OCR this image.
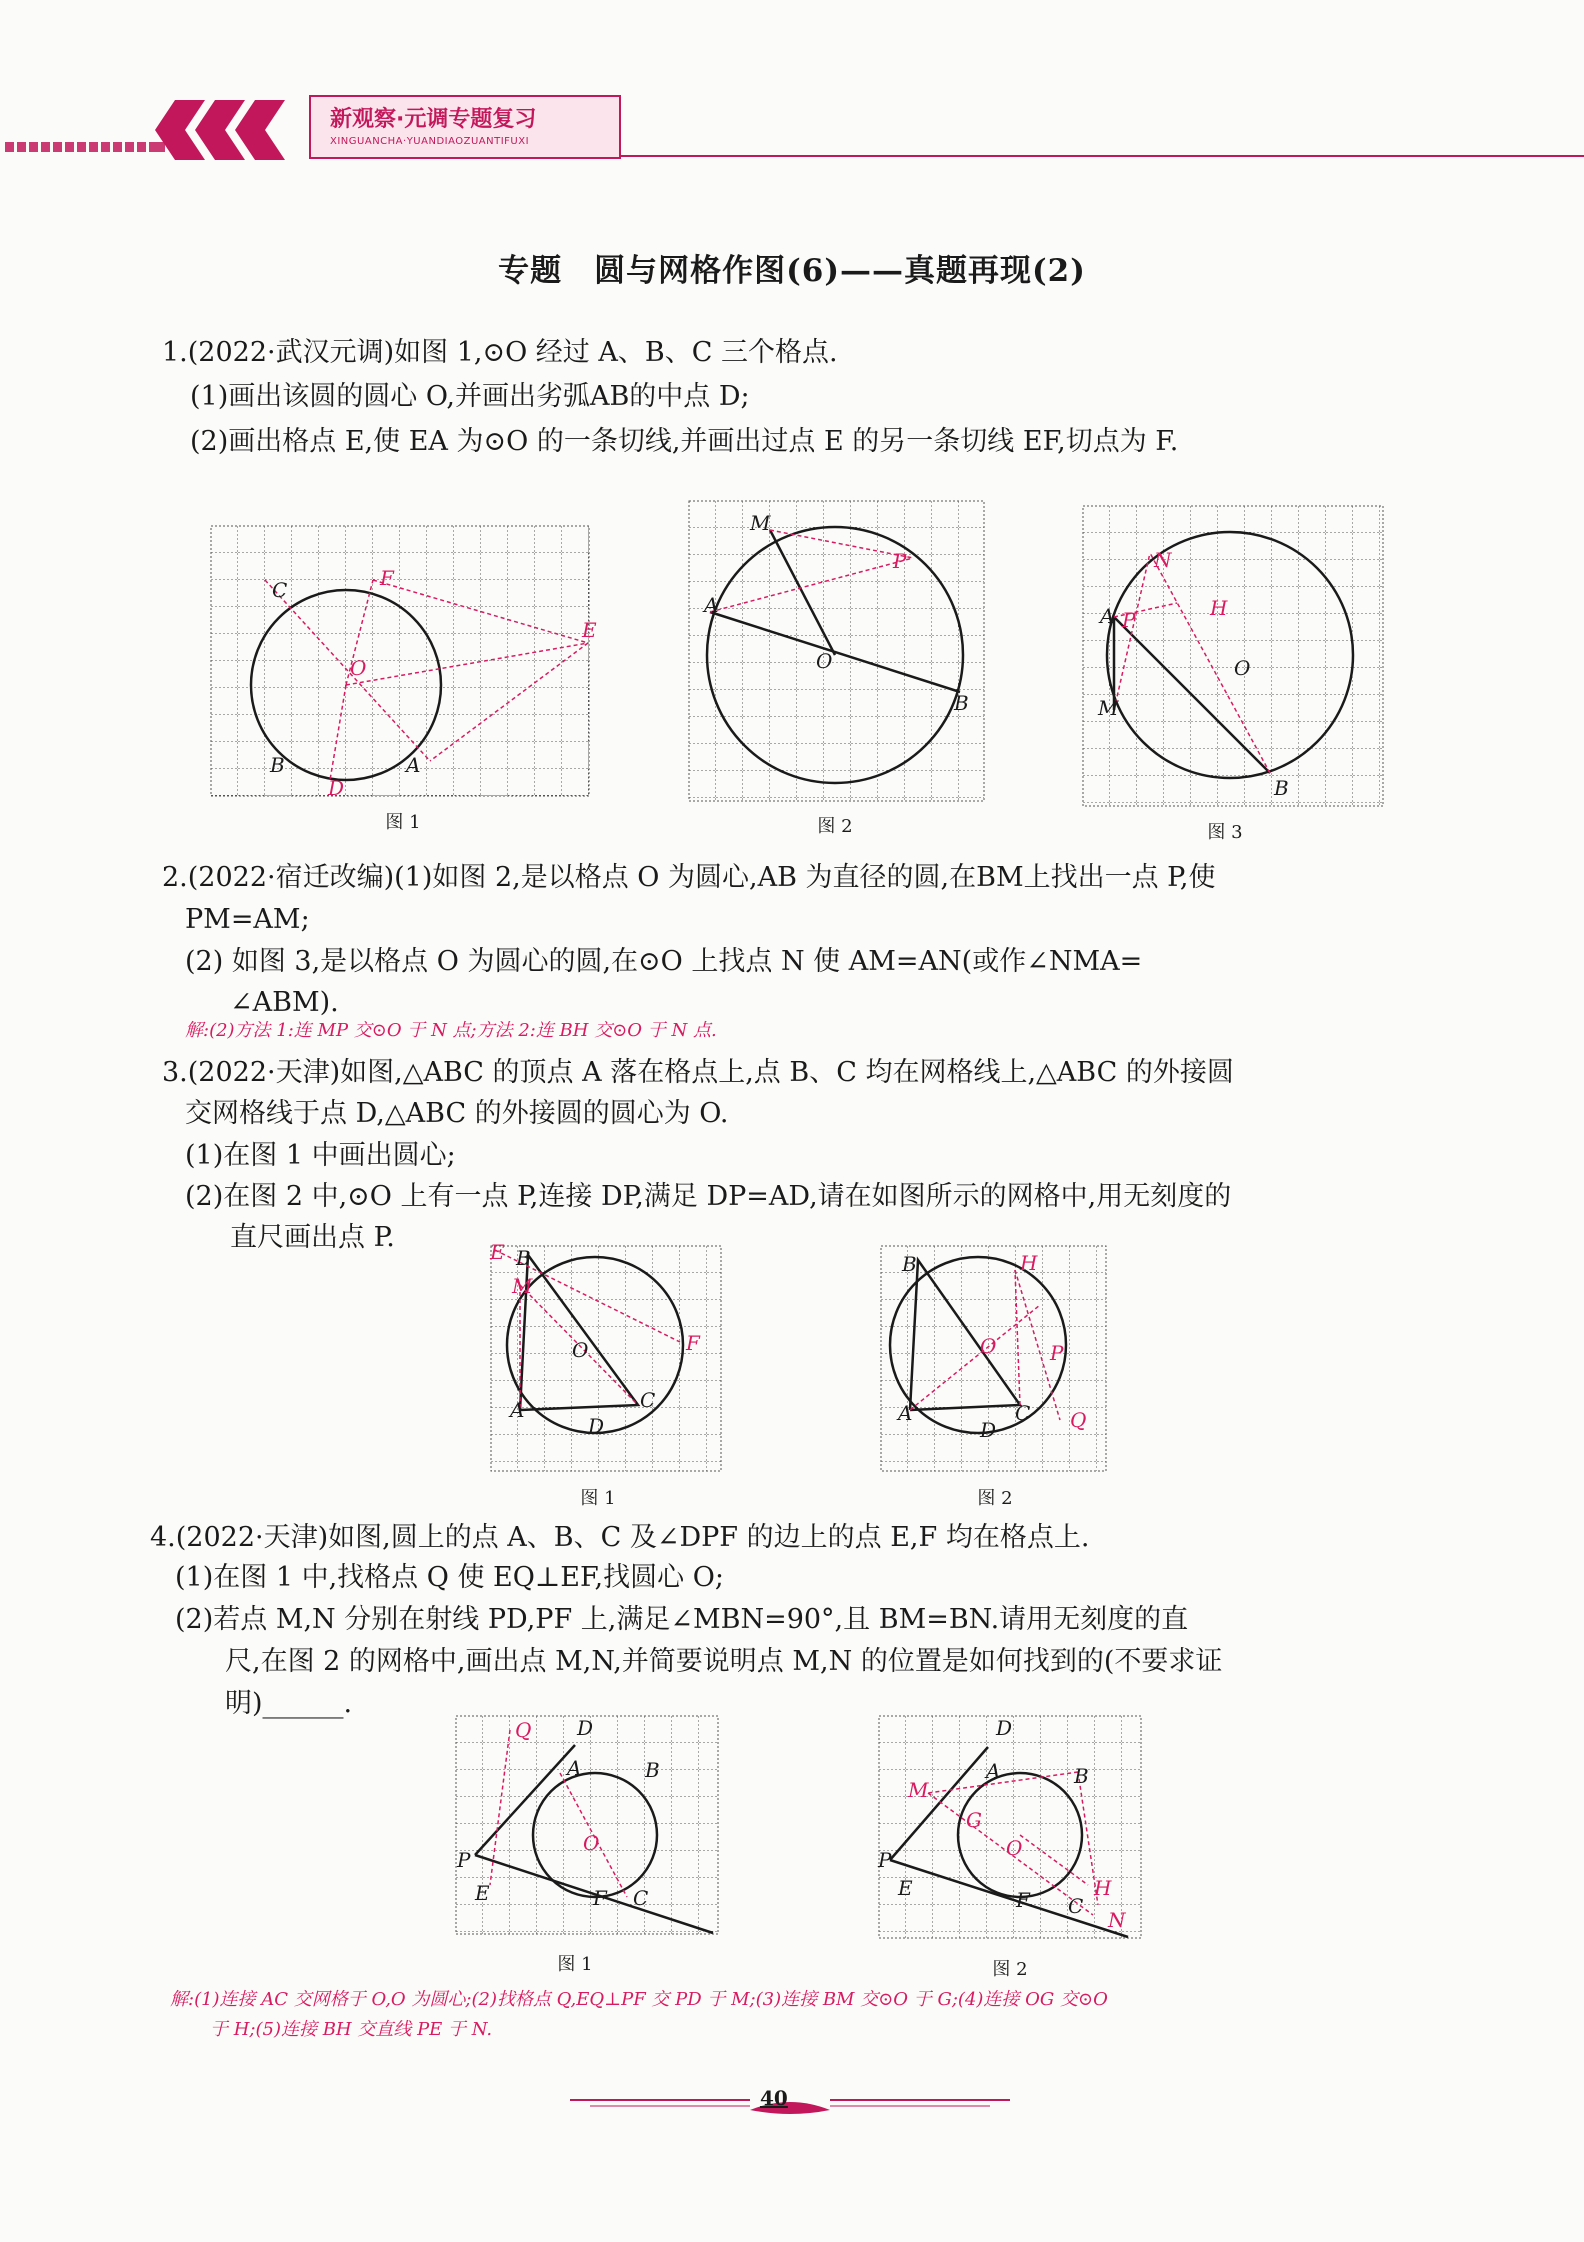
新观察·元调专题复习
XINGUANCHA·YUANDIAOZUANTIFUXI
专题　圆与网格作图(6)——真题再现(2)
1.(2022·武汉元调)如图 1,⊙O 经过 A、B、C 三个格点.
(1)画出该圆的圆心 O,并画出劣弧AB的中点 D;
(2)画出格点 E,使 EA 为⊙O 的一条切线,并画出过点 E 的另一条切线 EF,切点为 F.
C	F
E
O
B
D
A
图 1
M
P
A
O
B
图 2
N
H
A P
O
M
B
图 3
2.(2022·宿迁改编)(1)如图 2,是以格点 O 为圆心,AB 为直径的圆,在BM上找出一点 P,使
PM=AM;
(2) 如图 3,是以格点 O 为圆心的圆,在⊙O 上找点 N 使 AM=AN(或作∠NMA=
∠ABM).
解:(2)方法 1:连 MP 交⊙O 于 N 点;方法 2:连 BH 交⊙O 于 N 点.
3.(2022·天津)如图,△ABC 的顶点 A 落在格点上,点 B、C 均在网格线上,△ABC 的外接圆
交网格线于点 D,△ABC 的外接圆的圆心为 O.
(1)在图 1 中画出圆心;
(2)在图 2 中,⊙O 上有一点 P,连接 DP,满足 DP=AD,请在如图所示的网格中,用无刻度的
直尺画出点 P.	E B
M
O	F
A	C
D
图 1
B	H
O	P
A	C
D	Q
图 2
4.(2022·天津)如图,圆上的点 A、B、C 及∠DPF 的边上的点 E,F 均在格点上.
(1)在图 1 中,找格点 Q 使 EQ⊥EF,找圆心 O;
(2)若点 M,N 分别在射线 PD,PF 上,满足∠MBN=90°,且 BM=BN.请用无刻度的直
尺,在图 2 的网格中,画出点 M,N,并简要说明点 M,N 的位置是如何找到的(不要求证
明)______.
Q D
A	B
O
P
E	F C
图 1
D
A	B
M
G
O
P
E	F	H
C
N
图 2
解:(1)连接 AC 交网格于 O,O 为圆心;(2)找格点 Q,EQ⊥PF 交 PD 于 M;(3)连接 BM 交⊙O 于 G;(4)连接 OG 交⊙O
于 H;(5)连接 BH 交直线 PE 于 N.
40
